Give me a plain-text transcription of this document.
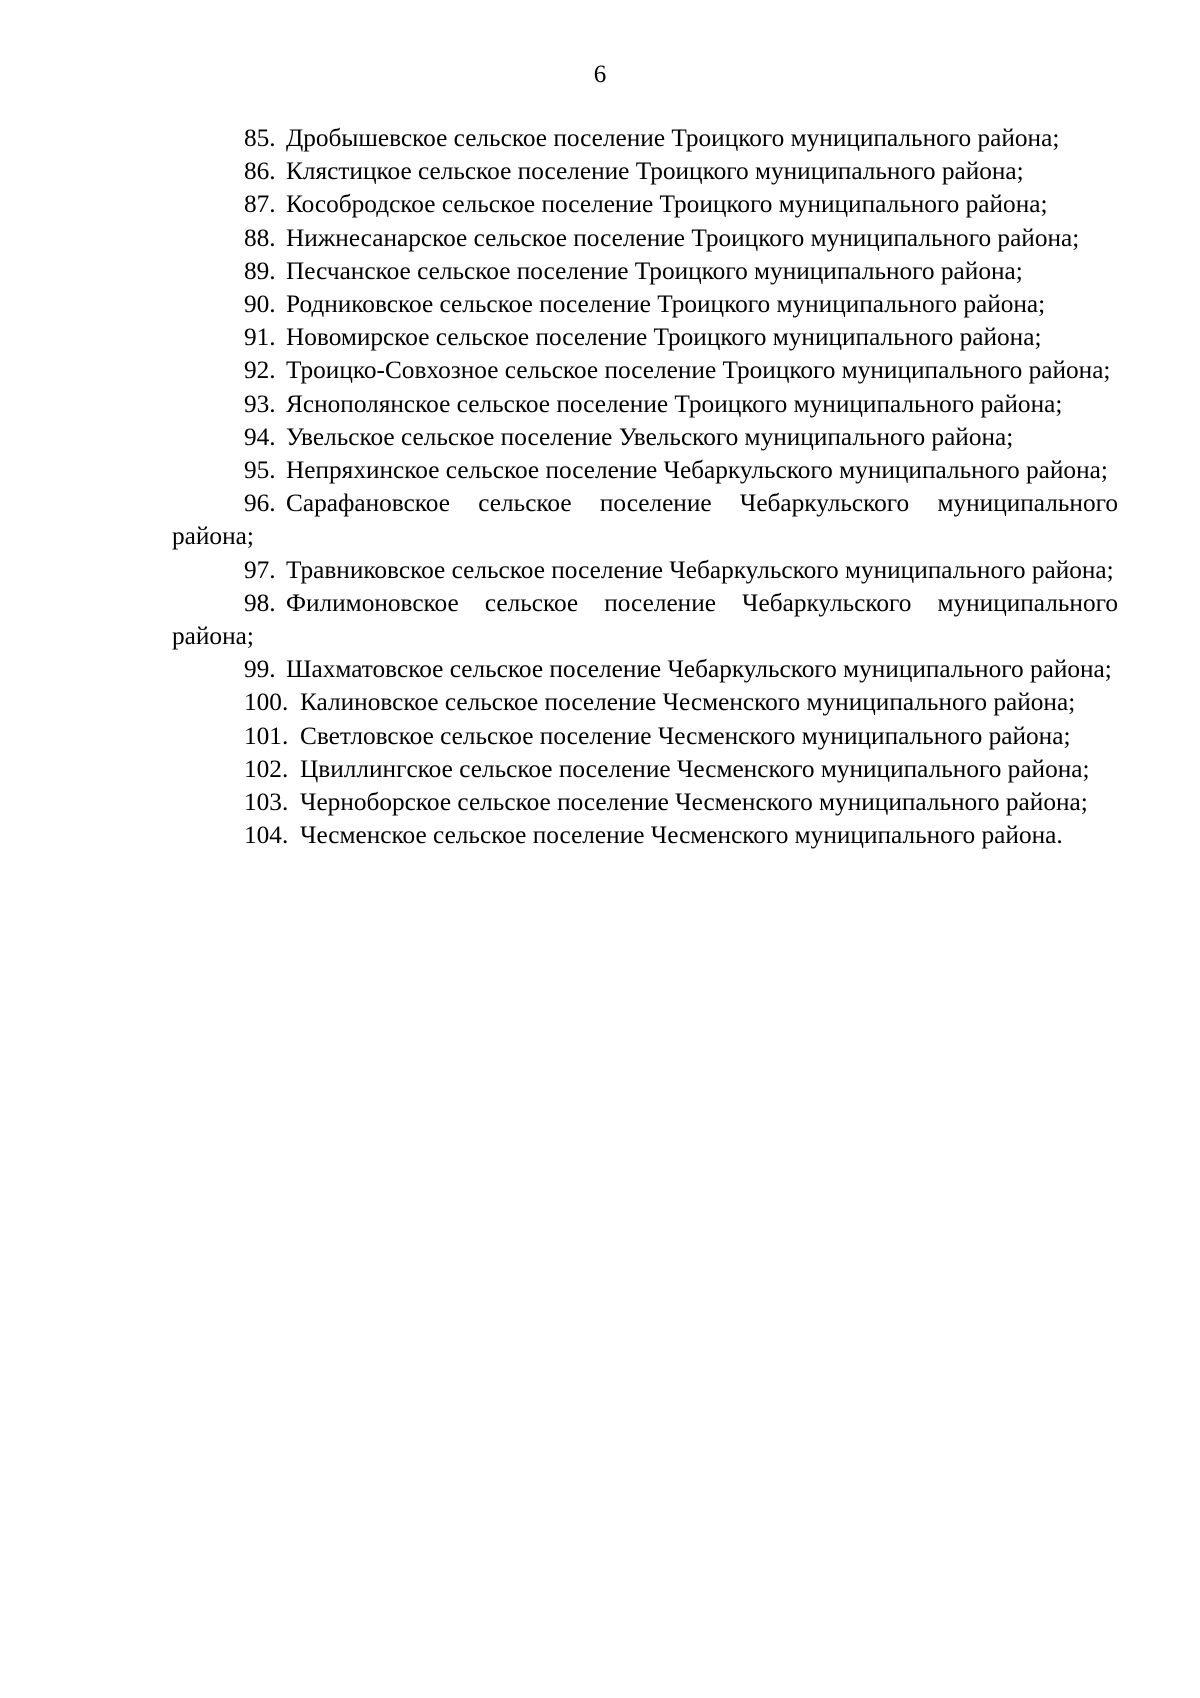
6

85. Дробышевское сельское поселение Троицкого муниципального района;

86. Клястицкое сельское поселение Троицкого муниципального района;

87. Кособродское сельское поселение Троицкого муниципального района;

88. Нижнесанарское сельское поселение Троицкого муниципального района;

89. Песчанское сельское поселение Троицкого муниципального района;

90. Родниковское сельское поселение Троицкого муниципального района;

91. Новомирское сельское поселение Троицкого муниципального района;

92. Троицко-Совхозное сельское поселение Троицкого муниципального района;

93. Яснополянское сельское поселение Троицкого муниципального района;

94. Увельское сельское поселение Увельского муниципального района;

95. Непряхинское сельское поселение Чебаркульского муниципального района;

96. Сарафановское сельское поселение Чебаркульского муниципального района;

97. Травниковское сельское поселение Чебаркульского муниципального района;

98. Филимоновское сельское поселение Чебаркульского муниципального района;

99. Шахматовское сельское поселение Чебаркульского муниципального района;

100. Калиновское сельское поселение Чесменского муниципального района;

101. Светловское сельское поселение Чесменского муниципального района;

102. Цвиллингское сельское поселение Чесменского муниципального района;

103. Черноборское сельское поселение Чесменского муниципального района;

104. Чесменское сельское поселение Чесменского муниципального района.
